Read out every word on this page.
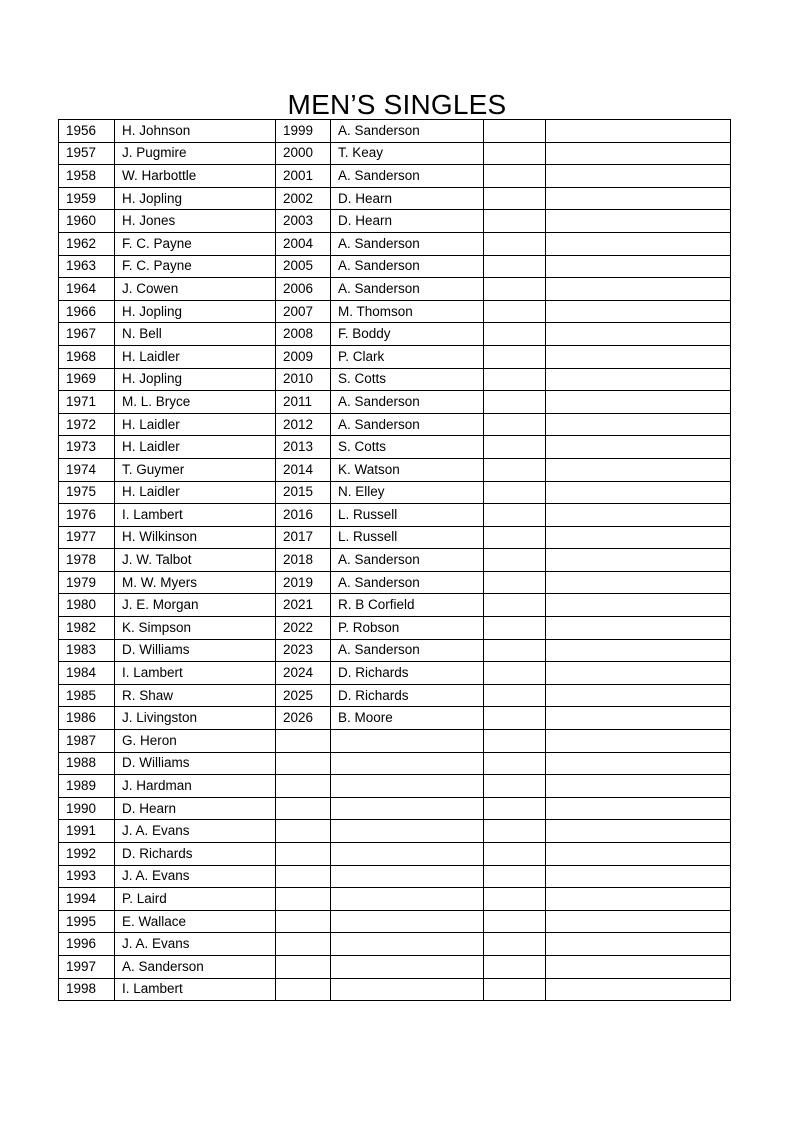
MEN’S SINGLES
1956	H. Johnson	1999	A. Sanderson		
1957	J. Pugmire	2000	T. Keay		
1958	W. Harbottle	2001	A. Sanderson		
1959	H. Jopling	2002	D. Hearn		
1960	H. Jones	2003	D. Hearn		
1962	F. C. Payne	2004	A. Sanderson		
1963	F. C. Payne	2005	A. Sanderson		
1964	J. Cowen	2006	A. Sanderson		
1966	H. Jopling	2007	M. Thomson		
1967	N. Bell	2008	F. Boddy		
1968	H. Laidler	2009	P. Clark		
1969	H. Jopling	2010	S. Cotts		
1971	M. L. Bryce	2011	A. Sanderson		
1972	H. Laidler	2012	A. Sanderson		
1973	H. Laidler	2013	S. Cotts		
1974	T. Guymer	2014	K. Watson		
1975	H. Laidler	2015	N. Elley		
1976	I. Lambert	2016	L. Russell		
1977	H. Wilkinson	2017	L. Russell		
1978	J. W. Talbot	2018	A. Sanderson		
1979	M. W. Myers	2019	A. Sanderson		
1980	J. E. Morgan	2021	R. B Corfield		
1982	K. Simpson	2022	P. Robson		
1983	D. Williams	2023	A. Sanderson		
1984	I. Lambert	2024	D. Richards		
1985	R. Shaw	2025	D. Richards		
1986	J. Livingston	2026	B. Moore		
1987	G. Heron				
1988	D. Williams				
1989	J. Hardman				
1990	D. Hearn				
1991	J. A. Evans				
1992	D. Richards				
1993	J. A. Evans				
1994	P. Laird				
1995	E. Wallace				
1996	J. A. Evans				
1997	A. Sanderson				
1998	I. Lambert				
